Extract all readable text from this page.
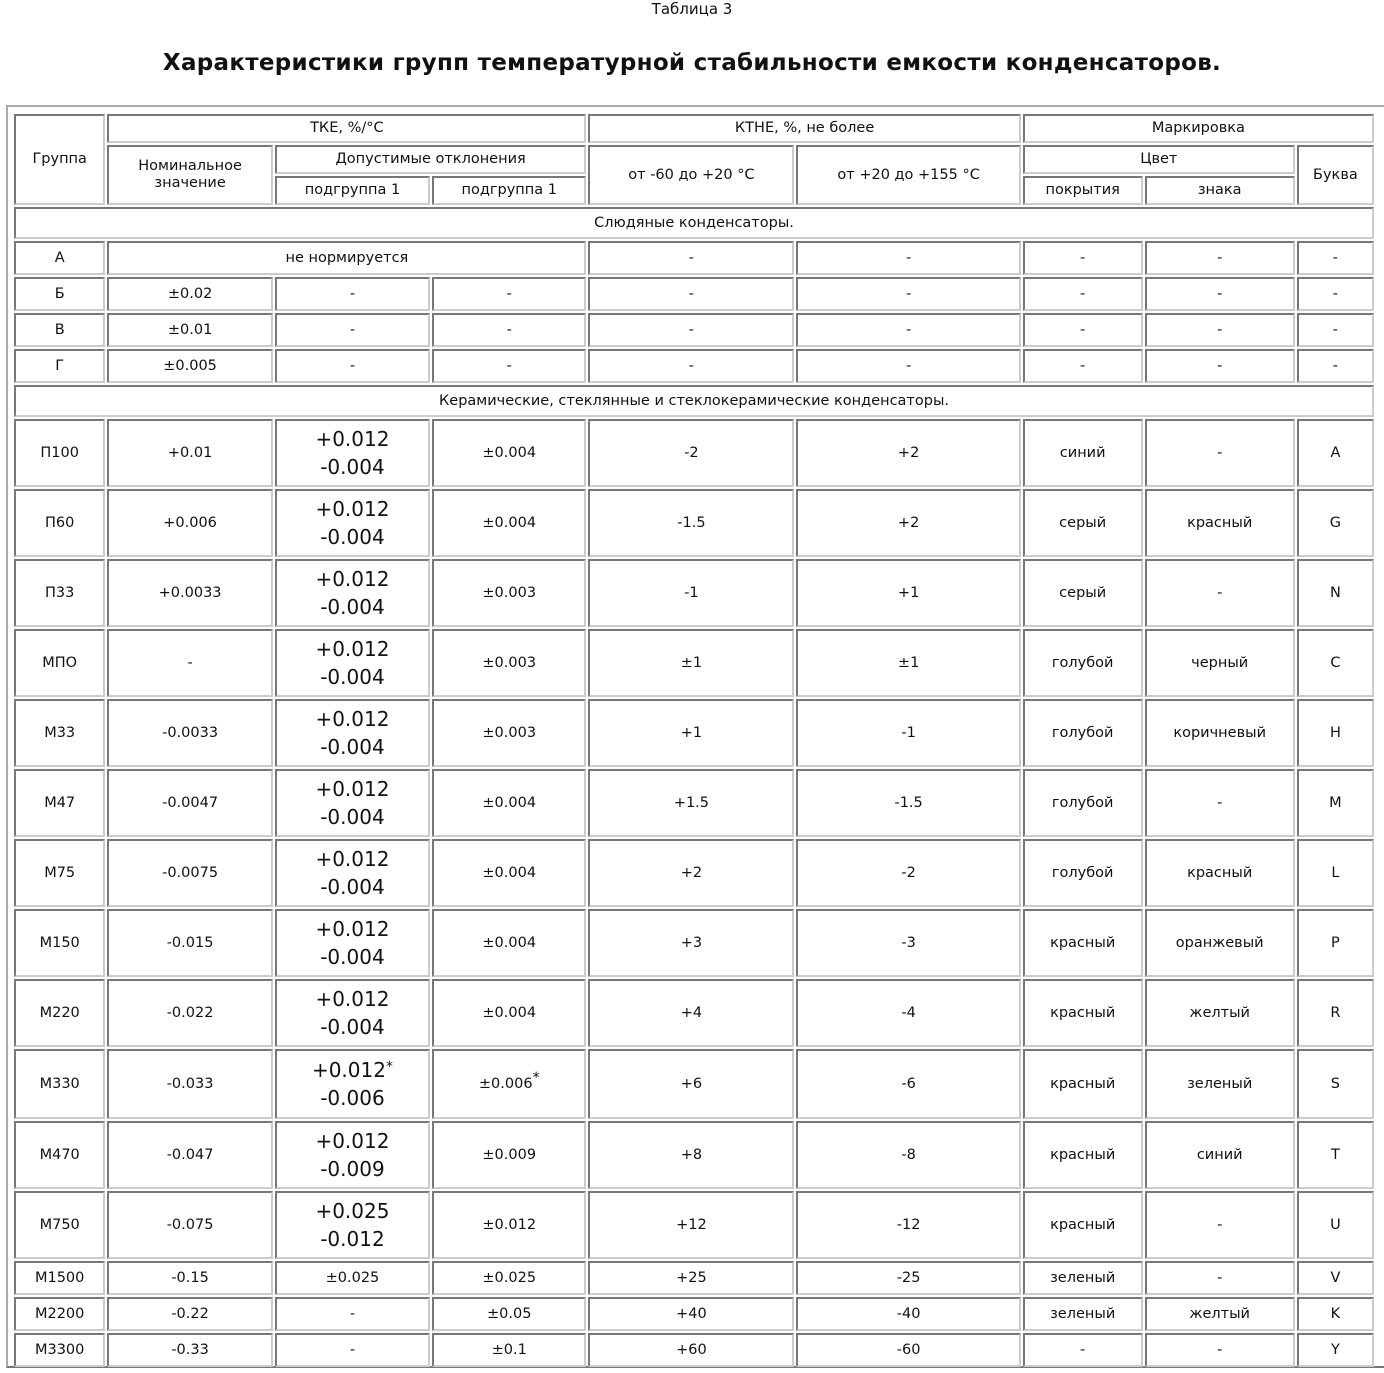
Таблица 3
Характеристики групп температурной стабильности емкости конденсаторов.
Группа	ТКЕ, %/°С			КТНЕ, %, не более		Маркировка		
	Номинальное значение	Допустимые отклонения		от -60 до +20 °С	от +20 до +155 °С	Цвет		Буква
		подгруппа 1	подгруппа 1			покрытия	знака	
Слюдяные конденсаторы.								
А	не нормируется			-	-	-	-	-
Б	±0.02	-	-	-	-	-	-	-
В	±0.01	-	-	-	-	-	-	-
Г	±0.005	-	-	-	-	-	-	-
Керамические, стеклянные и стеклокерамические конденсаторы.								
П100	+0.01	+0.012
-0.004	±0.004	-2	+2	синий	-	A
П60	+0.006	+0.012
-0.004	±0.004	-1.5	+2	серый	красный	G
П33	+0.0033	+0.012
-0.004	±0.003	-1	+1	серый	-	N
МПО	-	+0.012
-0.004	±0.003	±1	±1	голубой	черный	C
М33	-0.0033	+0.012
-0.004	±0.003	+1	-1	голубой	коричневый	H
М47	-0.0047	+0.012
-0.004	±0.004	+1.5	-1.5	голубой	-	M
М75	-0.0075	+0.012
-0.004	±0.004	+2	-2	голубой	красный	L
М150	-0.015	+0.012
-0.004	±0.004	+3	-3	красный	оранжевый	P
М220	-0.022	+0.012
-0.004	±0.004	+4	-4	красный	желтый	R
М330	-0.033	+0.012*
-0.006	±0.006*	+6	-6	красный	зеленый	S
М470	-0.047	+0.012
-0.009	±0.009	+8	-8	красный	синий	T
М750	-0.075	+0.025
-0.012	±0.012	+12	-12	красный	-	U
М1500	-0.15	±0.025	±0.025	+25	-25	зеленый	-	V
М2200	-0.22	-	±0.05	+40	-40	зеленый	желтый	K
М3300	-0.33	-	±0.1	+60	-60	-	-	Y
